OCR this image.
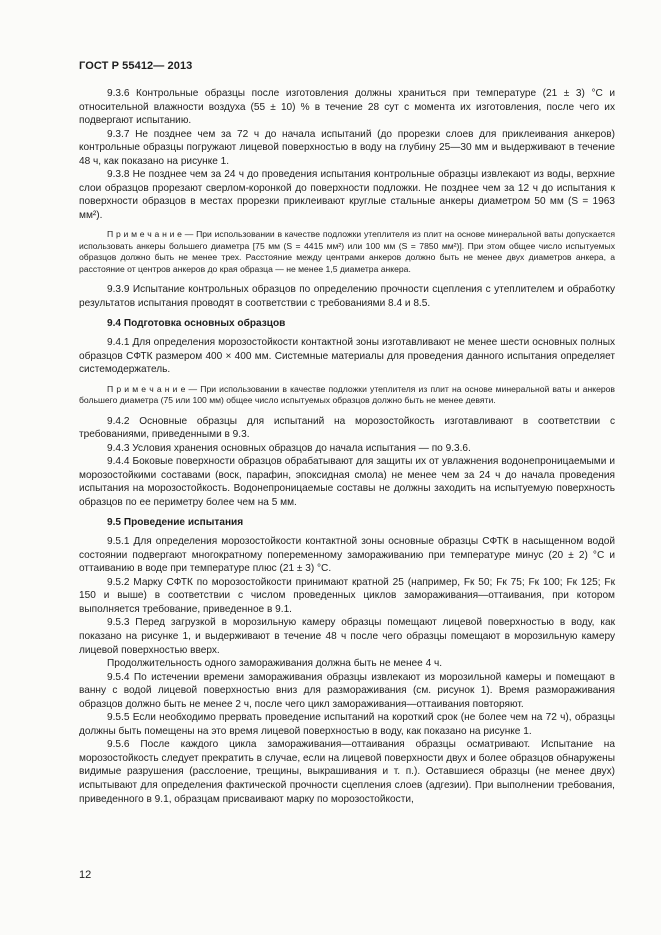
ГОСТ Р 55412— 2013

9.3.6 Контрольные образцы после изготовления должны храниться при температуре (21 ± 3) °С и относительной влажности воздуха (55 ± 10) % в течение 28 сут с момента их изготовления, после чего их подвергают испытанию.

9.3.7 Не позднее чем за 72 ч до начала испытаний (до прорезки слоев для приклеивания анкеров) контрольные образцы погружают лицевой поверхностью в воду на глубину 25—30 мм и выдерживают в течение 48 ч, как показано на рисунке 1.

9.3.8 Не позднее чем за 24 ч до проведения испытания контрольные образцы извлекают из воды, верхние слои образцов прорезают сверлом-коронкой до поверхности подложки. Не позднее чем за 12 ч до испытания к поверхности образцов в местах прорезки приклеивают круглые стальные анкеры диаметром 50 мм (S = 1963 мм²).

П р и м е ч а н и е — При использовании в качестве подложки утеплителя из плит на основе минеральной ваты допускается использовать анкеры большего диаметра [75 мм (S = 4415 мм²) или 100 мм (S = 7850 мм²)]. При этом общее число испытуемых образцов должно быть не менее трех. Расстояние между центрами анкеров должно быть не менее двух диаметров анкера, а расстояние от центров анкеров до края образца — не менее 1,5 диаметра анкера.

9.3.9 Испытание контрольных образцов по определению прочности сцепления с утеплителем и обработку результатов испытания проводят в соответствии с требованиями 8.4 и 8.5.

9.4 Подготовка основных образцов

9.4.1 Для определения морозостойкости контактной зоны изготавливают не менее шести основных полных образцов СФТК размером 400 × 400 мм. Системные материалы для проведения данного испытания определяет системодержатель.

П р и м е ч а н и е — При использовании в качестве подложки утеплителя из плит на основе минеральной ваты и анкеров большего диаметра (75 или 100 мм) общее число испытуемых образцов должно быть не менее девяти.

9.4.2 Основные образцы для испытаний на морозостойкость изготавливают в соответствии с требованиями, приведенными в 9.3.

9.4.3 Условия хранения основных образцов до начала испытания — по 9.3.6.

9.4.4 Боковые поверхности образцов обрабатывают для защиты их от увлажнения водонепроницаемыми и морозостойкими составами (воск, парафин, эпоксидная смола) не менее чем за 24 ч до начала проведения испытания на морозостойкость. Водонепроницаемые составы не должны заходить на испытуемую поверхность образцов по ее периметру более чем на 5 мм.

9.5 Проведение испытания

9.5.1 Для определения морозостойкости контактной зоны основные образцы СФТК в насыщенном водой состоянии подвергают многократному попеременному замораживанию при температуре минус (20 ± 2) °С и оттаиванию в воде при температуре плюс (21 ± 3) °С.

9.5.2 Марку СФТК по морозостойкости принимают кратной 25 (например, Fк 50; Fк 75; Fк 100; Fк 125; Fк 150 и выше) в соответствии с числом проведенных циклов замораживания—оттаивания, при котором выполняется требование, приведенное в 9.1.

9.5.3 Перед загрузкой в морозильную камеру образцы помещают лицевой поверхностью в воду, как показано на рисунке 1, и выдерживают в течение 48 ч после чего образцы помещают в морозильную камеру лицевой поверхностью вверх.

Продолжительность одного замораживания должна быть не менее 4 ч.

9.5.4 По истечении времени замораживания образцы извлекают из морозильной камеры и помещают в ванну с водой лицевой поверхностью вниз для размораживания (см. рисунок 1). Время размораживания образцов должно быть не менее 2 ч, после чего цикл замораживания—оттаивания повторяют.

9.5.5 Если необходимо прервать проведение испытаний на короткий срок (не более чем на 72 ч), образцы должны быть помещены на это время лицевой поверхностью в воду, как показано на рисунке 1.

9.5.6 После каждого цикла замораживания—оттаивания образцы осматривают. Испытание на морозостойкость следует прекратить в случае, если на лицевой поверхности двух и более образцов обнаружены видимые разрушения (расслоение, трещины, выкрашивания и т. п.). Оставшиеся образцы (не менее двух) испытывают для определения фактической прочности сцепления слоев (адгезии). При выполнении требования, приведенного в 9.1, образцам присваивают марку по морозостойкости,

12
